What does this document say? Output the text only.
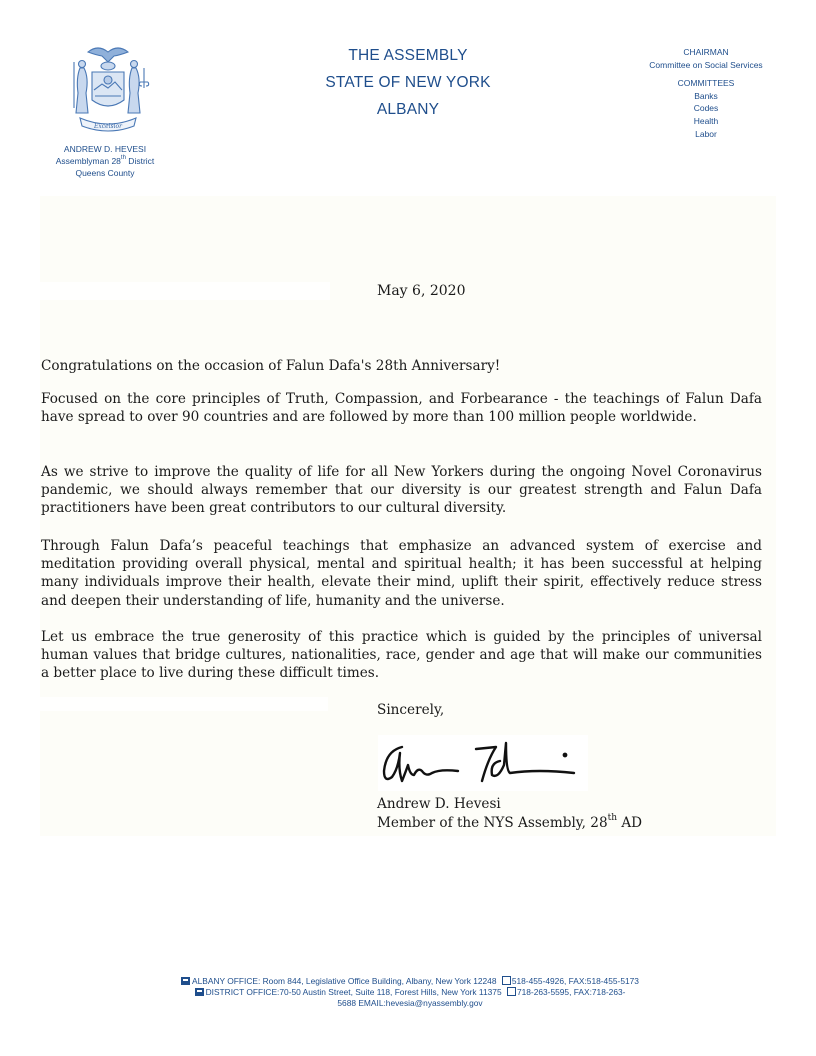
Excelsior
ANDREW D. HEVESI
Assemblyman 28th District
Queens County
THE ASSEMBLY
STATE OF NEW YORK
ALBANY
CHAIRMAN
Committee on Social Services
COMMITTEES
Banks
Codes
Health
Labor
May 6, 2020
Congratulations on the occasion of Falun Dafa's 28th Anniversary!
Focused on the core principles of Truth, Compassion, and Forbearance - the teachings of Falun Dafa have spread to over 90 countries and are followed by more than 100 million people worldwide.
As we strive to improve the quality of life for all New Yorkers during the ongoing Novel Coronavirus pandemic, we should always remember that our diversity is our greatest strength and Falun Dafa practitioners have been great contributors to our cultural diversity.
Through Falun Dafa’s peaceful teachings that emphasize an advanced system of exercise and meditation providing overall physical, mental and spiritual health; it has been successful at helping many individuals improve their health, elevate their mind, uplift their spirit, effectively reduce stress and deepen their understanding of life, humanity and the universe.
Let us embrace the true generosity of this practice which is guided by the principles of universal human values that bridge cultures, nationalities, race, gender and age that will make our communities a better place to live during these difficult times.
Sincerely,
Andrew D. Hevesi
Member of the NYS Assembly, 28th AD
ALBANY OFFICE: Room 844, Legislative Office Building, Albany, New York 12248 518-455-4926, FAX:518-455-5173
DISTRICT OFFICE:70-50 Austin Street, Suite 118, Forest Hills, New York 11375 718-263-5595, FAX:718-263-
5688 EMAIL:hevesia@nyassembly.gov
